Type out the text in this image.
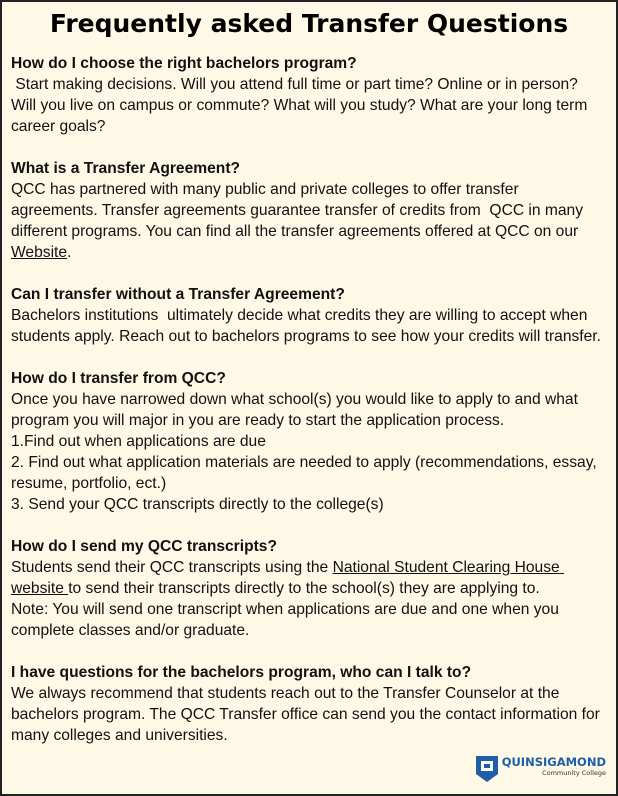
Frequently asked Transfer Questions
How do I choose the right bachelors program?

Start making decisions. Will you attend full time or part time? Online or in person? Will you live on campus or commute? What will you study? What are your long term career goals?

What is a Transfer Agreement?

QCC has partnered with many public and private colleges to offer transfer agreements. Transfer agreements guarantee transfer of credits from  QCC in many different programs. You can find all the transfer agreements offered at QCC on our Website.

Can I transfer without a Transfer Agreement?

Bachelors institutions  ultimately decide what credits they are willing to accept when students apply. Reach out to bachelors programs to see how your credits will transfer.

How do I transfer from QCC?

Once you have narrowed down what school(s) you would like to apply to and what program you will major in you are ready to start the application process.

1.Find out when applications are due

2. Find out what application materials are needed to apply (recommendations, essay, resume, portfolio, ect.)

3. Send your QCC transcripts directly to the college(s)

How do I send my QCC transcripts?

Students send their QCC transcripts using the National Student Clearing House website to send their transcripts directly to the school(s) they are applying to.

Note: You will send one transcript when applications are due and one when you complete classes and/or graduate.

I have questions for the bachelors program, who can I talk to?

We always recommend that students reach out to the Transfer Counselor at the bachelors program. The QCC Transfer office can send you the contact information for many colleges and universities.

QUINSIGAMOND
Community College
